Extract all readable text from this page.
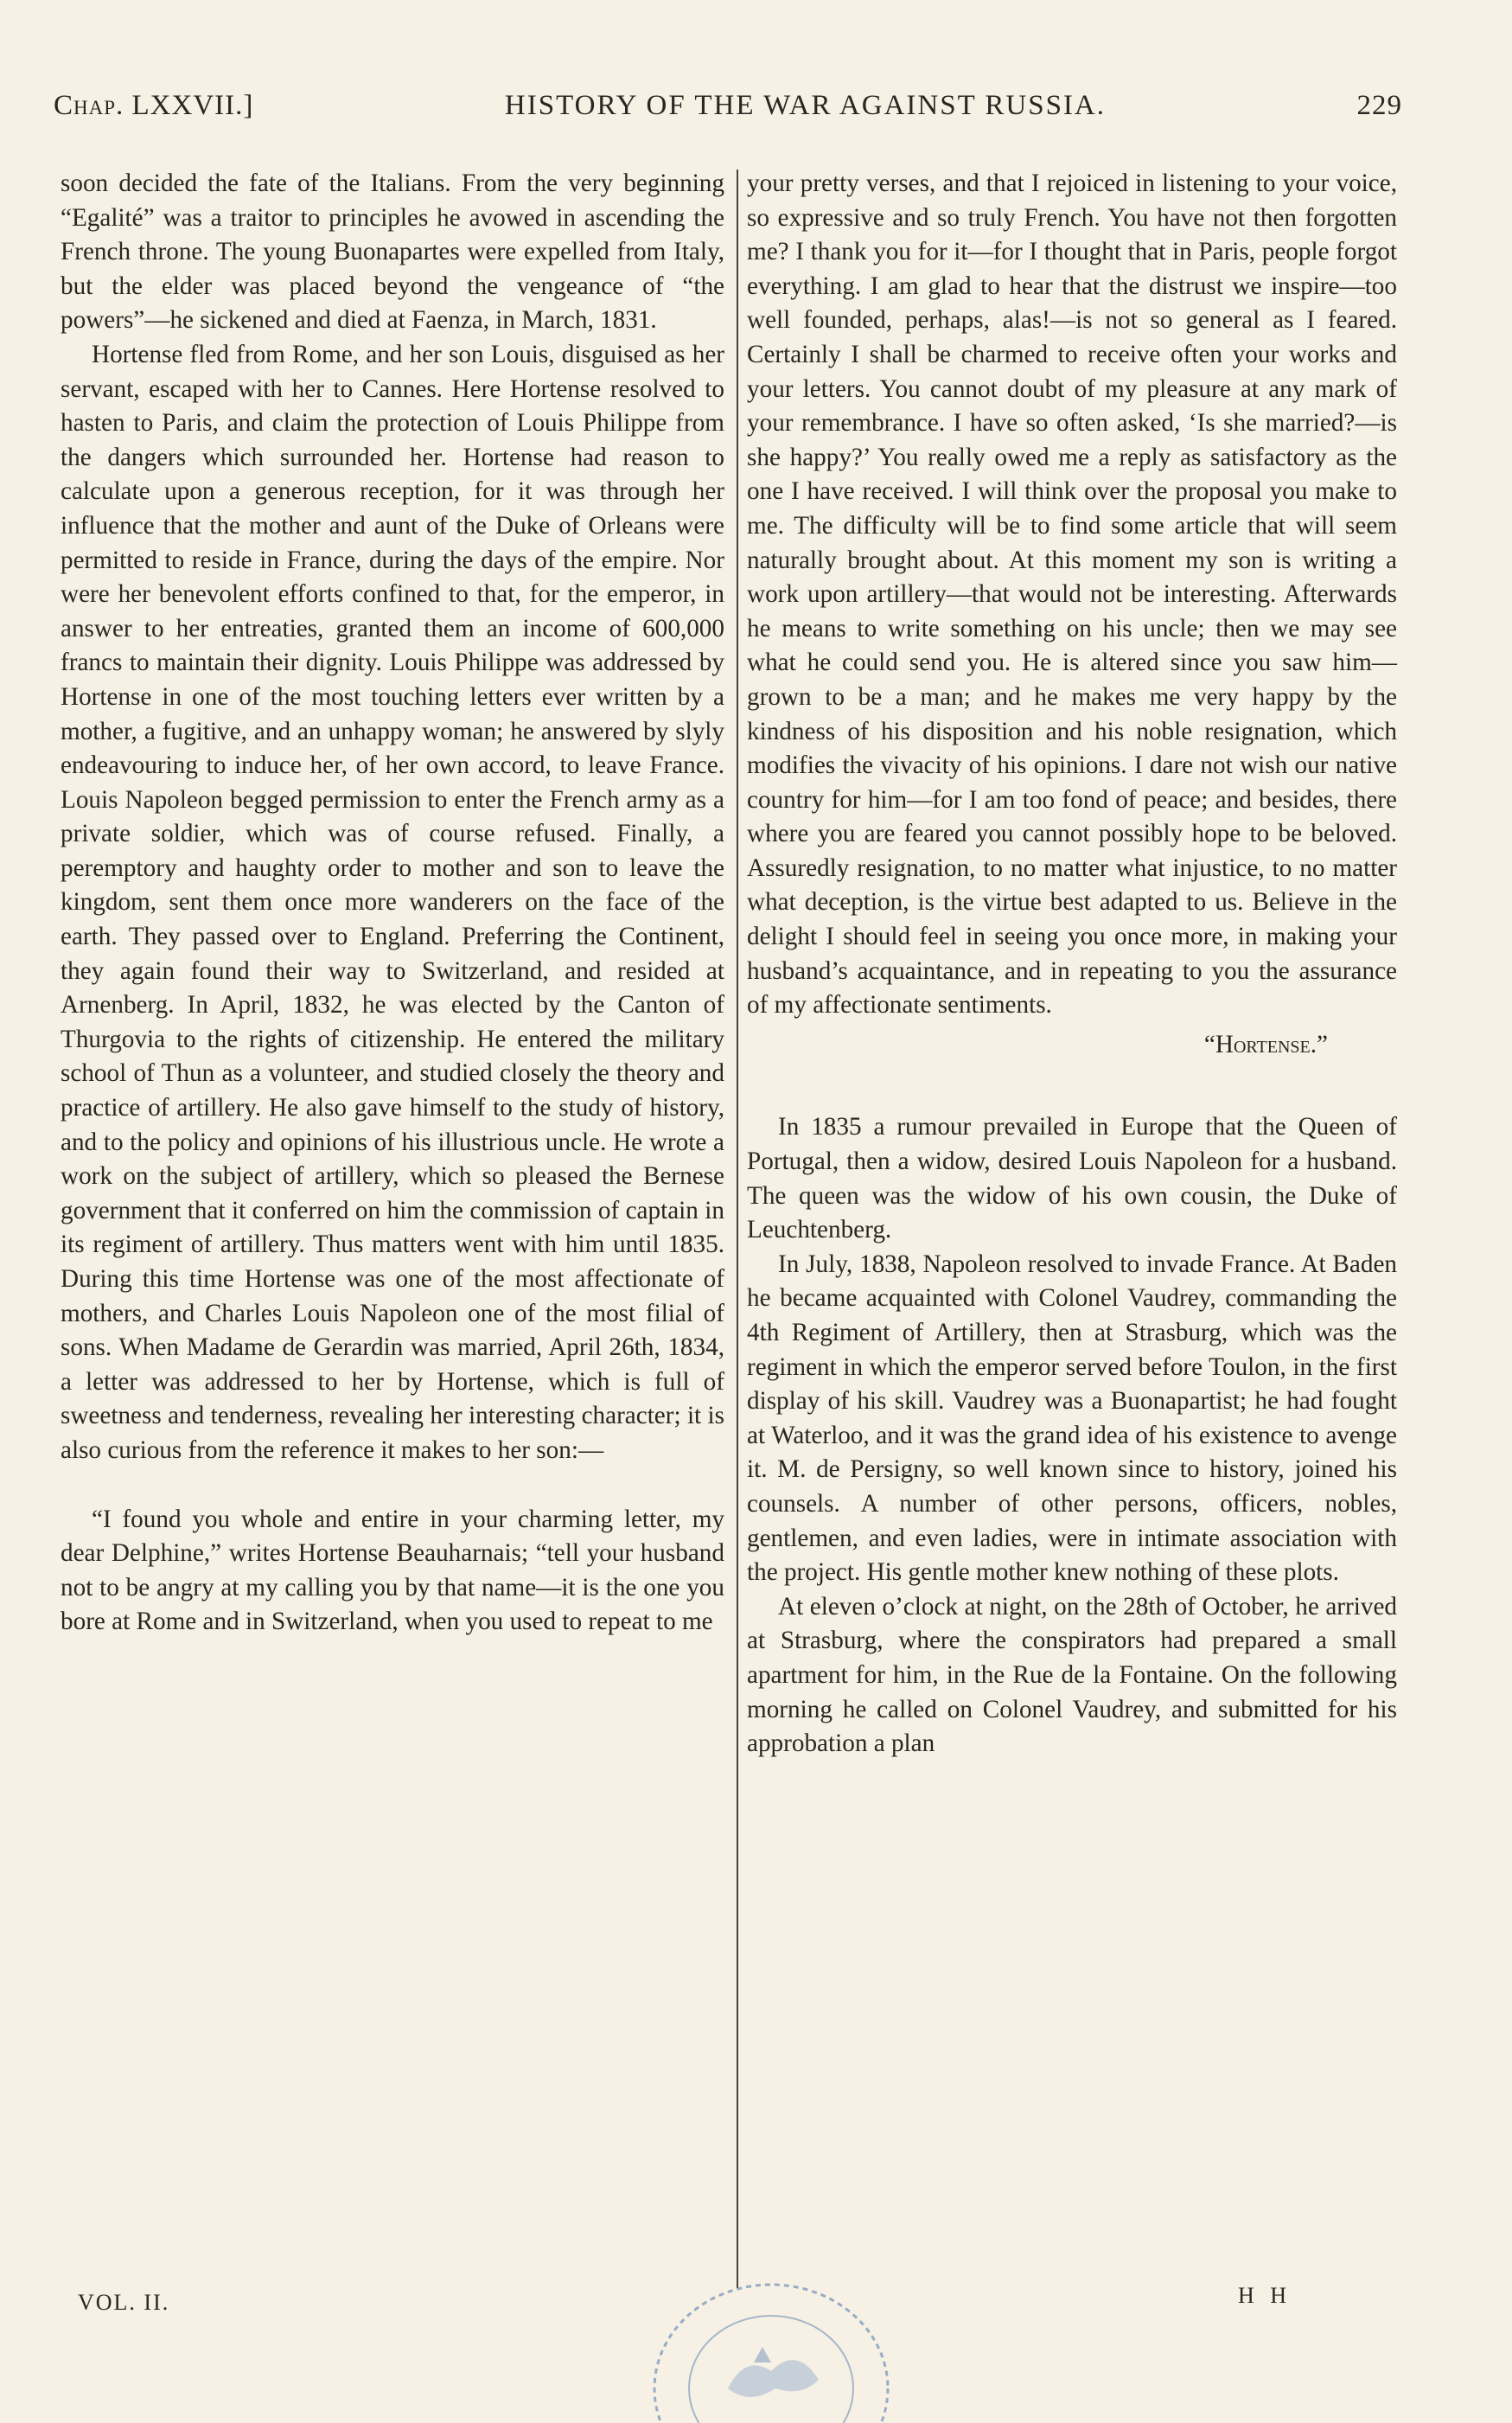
Chap. LXXVII.]	HISTORY OF THE WAR AGAINST RUSSIA.	229

soon decided the fate of the Italians. From the very beginning “Egalité” was a traitor to principles he avowed in ascending the French throne. The young Buonapartes were expelled from Italy, but the elder was placed beyond the vengeance of “the powers”—he sickened and died at Faenza, in March, 1831.

Hortense fled from Rome, and her son Louis, disguised as her servant, escaped with her to Cannes. Here Hortense resolved to hasten to Paris, and claim the protection of Louis Philippe from the dangers which surrounded her. Hortense had reason to calculate upon a generous reception, for it was through her influence that the mother and aunt of the Duke of Orleans were permitted to reside in France, during the days of the empire. Nor were her benevolent efforts confined to that, for the emperor, in answer to her entreaties, granted them an income of 600,000 francs to maintain their dignity. Louis Philippe was addressed by Hortense in one of the most touching letters ever written by a mother, a fugitive, and an unhappy woman; he answered by slyly endeavouring to induce her, of her own accord, to leave France. Louis Napoleon begged permission to enter the French army as a private soldier, which was of course refused. Finally, a peremptory and haughty order to mother and son to leave the kingdom, sent them once more wanderers on the face of the earth. They passed over to England. Preferring the Continent, they again found their way to Switzerland, and resided at Arnenberg. In April, 1832, he was elected by the Canton of Thurgovia to the rights of citizenship. He entered the military school of Thun as a volunteer, and studied closely the theory and practice of artillery. He also gave himself to the study of history, and to the policy and opinions of his illustrious uncle. He wrote a work on the subject of artillery, which so pleased the Bernese government that it conferred on him the commission of captain in its regiment of artillery. Thus matters went with him until 1835. During this time Hortense was one of the most affectionate of mothers, and Charles Louis Napoleon one of the most filial of sons. When Madame de Gerardin was married, April 26th, 1834, a letter was addressed to her by Hortense, which is full of sweetness and tenderness, revealing her interesting character; it is also curious from the reference it makes to her son:—

“I found you whole and entire in your charming letter, my dear Delphine,” writes Hortense Beauharnais; “tell your husband not to be angry at my calling you by that name—it is the one you bore at Rome and in Switzerland, when you used to repeat to me

your pretty verses, and that I rejoiced in listening to your voice, so expressive and so truly French. You have not then forgotten me? I thank you for it—for I thought that in Paris, people forgot everything. I am glad to hear that the distrust we inspire—too well founded, perhaps, alas!—is not so general as I feared. Certainly I shall be charmed to receive often your works and your letters. You cannot doubt of my pleasure at any mark of your remembrance. I have so often asked, ‘Is she married?—is she happy?’ You really owed me a reply as satisfactory as the one I have received. I will think over the proposal you make to me. The difficulty will be to find some article that will seem naturally brought about. At this moment my son is writing a work upon artillery—that would not be interesting. Afterwards he means to write something on his uncle; then we may see what he could send you. He is altered since you saw him—grown to be a man; and he makes me very happy by the kindness of his disposition and his noble resignation, which modifies the vivacity of his opinions. I dare not wish our native country for him—for I am too fond of peace; and besides, there where you are feared you cannot possibly hope to be beloved. Assuredly resignation, to no matter what injustice, to no matter what deception, is the virtue best adapted to us. Believe in the delight I should feel in seeing you once more, in making your husband’s acquaintance, and in repeating to you the assurance of my affectionate sentiments.

“Hortense.”

In 1835 a rumour prevailed in Europe that the Queen of Portugal, then a widow, desired Louis Napoleon for a husband. The queen was the widow of his own cousin, the Duke of Leuchtenberg.

In July, 1838, Napoleon resolved to invade France. At Baden he became acquainted with Colonel Vaudrey, commanding the 4th Regiment of Artillery, then at Strasburg, which was the regiment in which the emperor served before Toulon, in the first display of his skill. Vaudrey was a Buonapartist; he had fought at Waterloo, and it was the grand idea of his existence to avenge it. M. de Persigny, so well known since to history, joined his counsels. A number of other persons, officers, nobles, gentlemen, and even ladies, were in intimate association with the project. His gentle mother knew nothing of these plots.

At eleven o’clock at night, on the 28th of October, he arrived at Strasburg, where the conspirators had prepared a small apartment for him, in the Rue de la Fontaine. On the following morning he called on Colonel Vaudrey, and submitted for his approbation a plan

VOL. II.	H H
